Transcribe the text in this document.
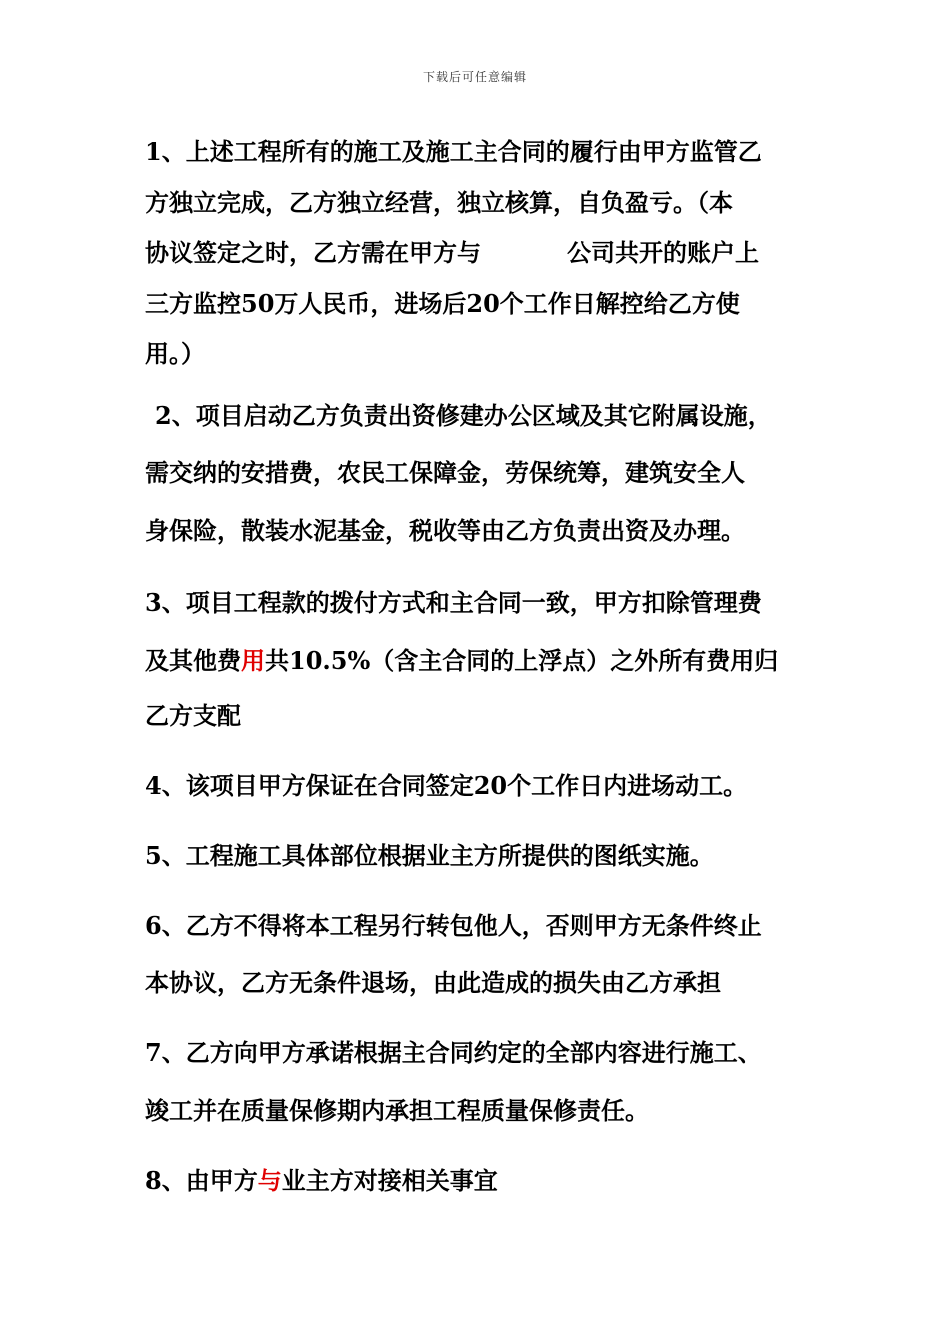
下载后可任意编辑
1、上述工程所有的施工及施工主合同的履行由甲方监管乙
方独立完成，乙方独立经营，独立核算，自负盈亏。（本
协议签定之时，乙方需在甲方与	公司共开的账户上
三方监控50万人民币，进场后20个工作日解控给乙方使
用。）
2、项目启动乙方负责出资修建办公区域及其它附属设施，
需交纳的安措费，农民工保障金，劳保统筹，建筑安全人
身保险，散装水泥基金，税收等由乙方负责出资及办理。
3、项目工程款的拨付方式和主合同一致，甲方扣除管理费
及其他费用共10.5%（含主合同的上浮点）之外所有费用归
乙方支配
4、该项目甲方保证在合同签定20个工作日内进场动工。
5、工程施工具体部位根据业主方所提供的图纸实施。
6、乙方不得将本工程另行转包他人，否则甲方无条件终止
本协议，乙方无条件退场，由此造成的损失由乙方承担
7、乙方向甲方承诺根据主合同约定的全部内容进行施工、
竣工并在质量保修期内承担工程质量保修责任。
8、由甲方与业主方对接相关事宜
